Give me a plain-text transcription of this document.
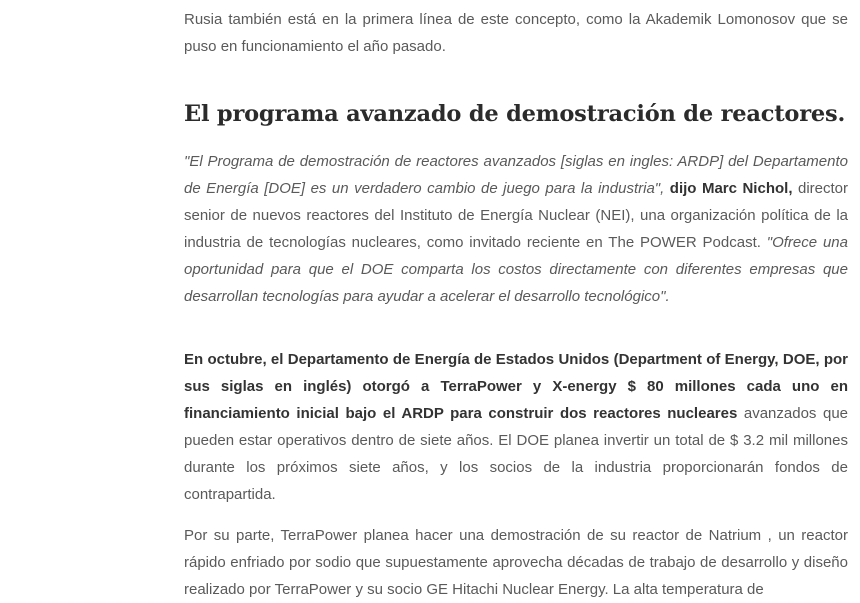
Rusia también está en la primera línea de este concepto, como la Akademik Lomonosov que se puso en funcionamiento el año pasado.

El programa avanzado de demostración de reactores.

"El Programa de demostración de reactores avanzados [siglas en ingles: ARDP] del Departamento de Energía [DOE] es un verdadero cambio de juego para la industria", dijo Marc Nichol, director senior de nuevos reactores del Instituto de Energía Nuclear (NEI), una organización política de la industria de tecnologías nucleares, como invitado reciente en The POWER Podcast. "Ofrece una oportunidad para que el DOE comparta los costos directamente con diferentes empresas que desarrollan tecnologías para ayudar a acelerar el desarrollo tecnológico".

En octubre, el Departamento de Energía de Estados Unidos (Department of Energy, DOE, por sus siglas en inglés) otorgó a TerraPower y X-energy $ 80 millones cada uno en financiamiento inicial bajo el ARDP para construir dos reactores nucleares avanzados que pueden estar operativos dentro de siete años. El DOE planea invertir un total de $ 3.2 mil millones durante los próximos siete años, y los socios de la industria proporcionarán fondos de contrapartida.

Por su parte, TerraPower planea hacer una demostración de su reactor de Natrium , un reactor rápido enfriado por sodio que supuestamente aprovecha décadas de trabajo de desarrollo y diseño realizado por TerraPower y su socio GE Hitachi Nuclear Energy. La alta temperatura de
